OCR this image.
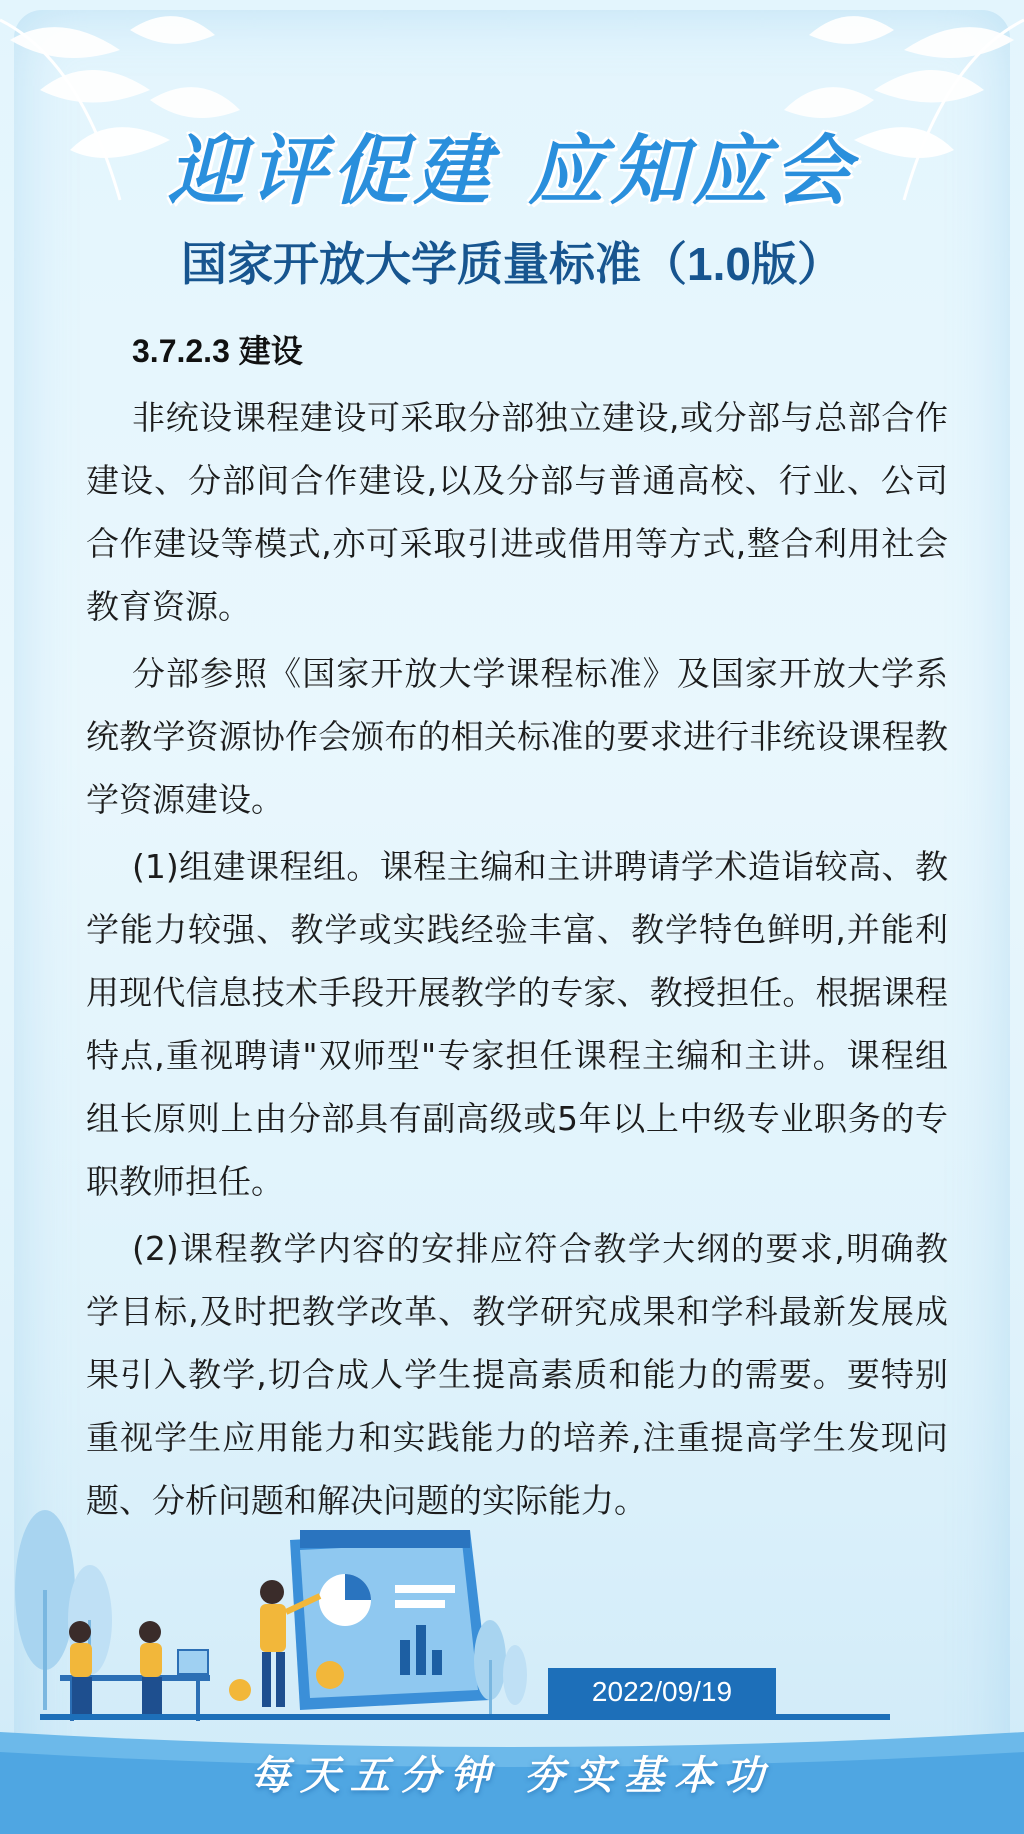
迎评促建 应知应会
国家开放大学质量标准（1.0版）
3.7.2.3 建设

非统设课程建设可采取分部独立建设,或分部与总部合作建设、分部间合作建设,以及分部与普通高校、行业、公司合作建设等模式,亦可采取引进或借用等方式,整合利用社会教育资源。

分部参照《国家开放大学课程标准》及国家开放大学系统教学资源协作会颁布的相关标准的要求进行非统设课程教学资源建设。

(1)组建课程组。课程主编和主讲聘请学术造诣较高、教学能力较强、教学或实践经验丰富、教学特色鲜明,并能利用现代信息技术手段开展教学的专家、教授担任。根据课程特点,重视聘请"双师型"专家担任课程主编和主讲。课程组组长原则上由分部具有副高级或5年以上中级专业职务的专职教师担任。

(2)课程教学内容的安排应符合教学大纲的要求,明确教学目标,及时把教学改革、教学研究成果和学科最新发展成果引入教学,切合成人学生提高素质和能力的需要。要特别重视学生应用能力和实践能力的培养,注重提高学生发现问题、分析问题和解决问题的实际能力。

2022/09/19
每天五分钟 夯实基本功
